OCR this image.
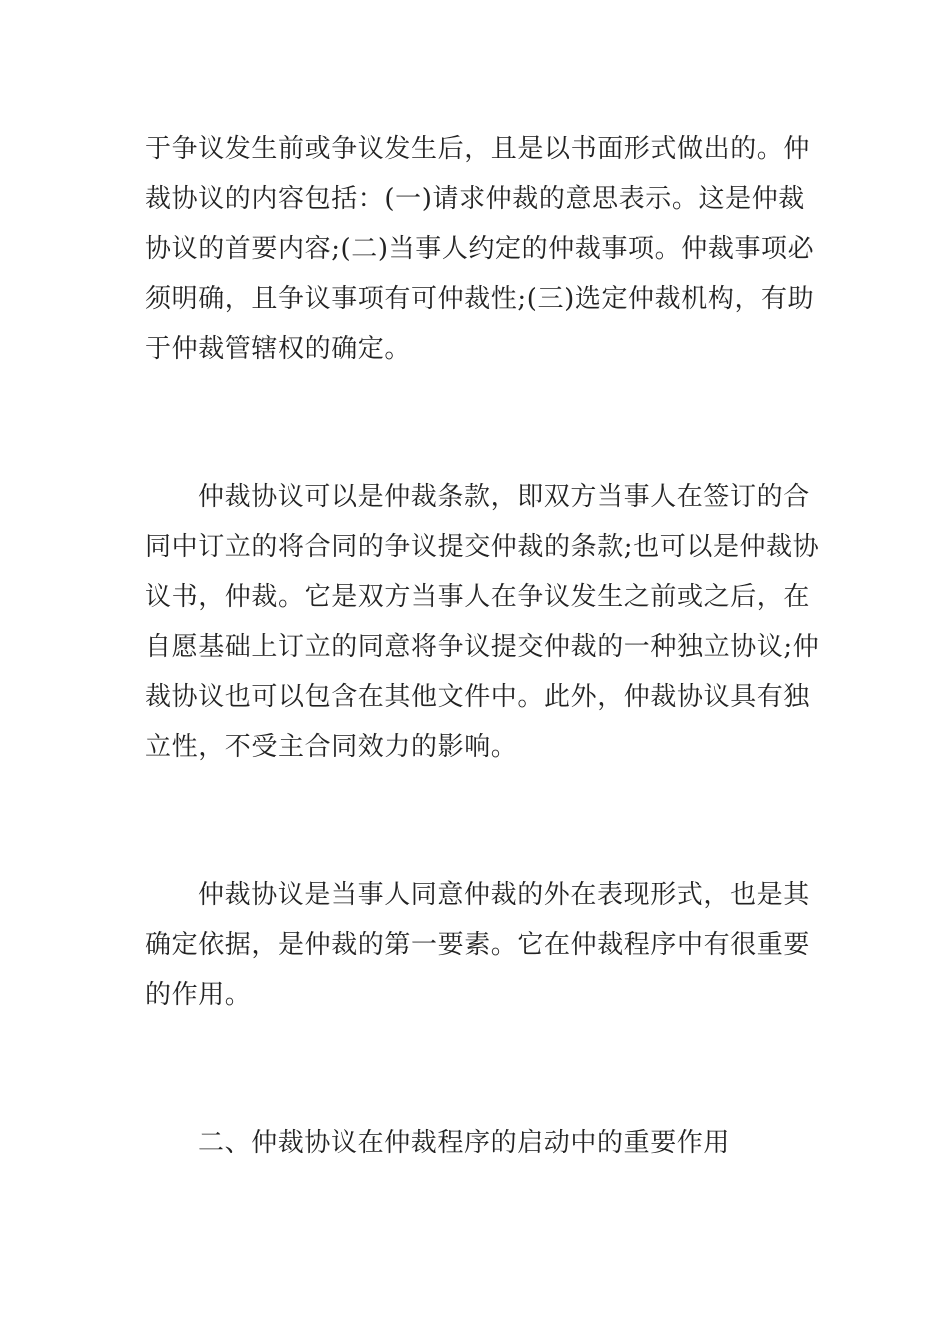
于争议发生前或争议发生后，且是以书面形式做出的。仲
裁协议的内容包括：(一)请求仲裁的意思表示。这是仲裁
协议的首要内容;(二)当事人约定的仲裁事项。仲裁事项必
须明确，且争议事项有可仲裁性;(三)选定仲裁机构，有助
于仲裁管辖权的确定。
仲裁协议可以是仲裁条款，即双方当事人在签订的合
同中订立的将合同的争议提交仲裁的条款;也可以是仲裁协
议书，仲裁。它是双方当事人在争议发生之前或之后，在
自愿基础上订立的同意将争议提交仲裁的一种独立协议;仲
裁协议也可以包含在其他文件中。此外，仲裁协议具有独
立性，不受主合同效力的影响。
仲裁协议是当事人同意仲裁的外在表现形式，也是其
确定依据，是仲裁的第一要素。它在仲裁程序中有很重要
的作用。
二、仲裁协议在仲裁程序的启动中的重要作用
